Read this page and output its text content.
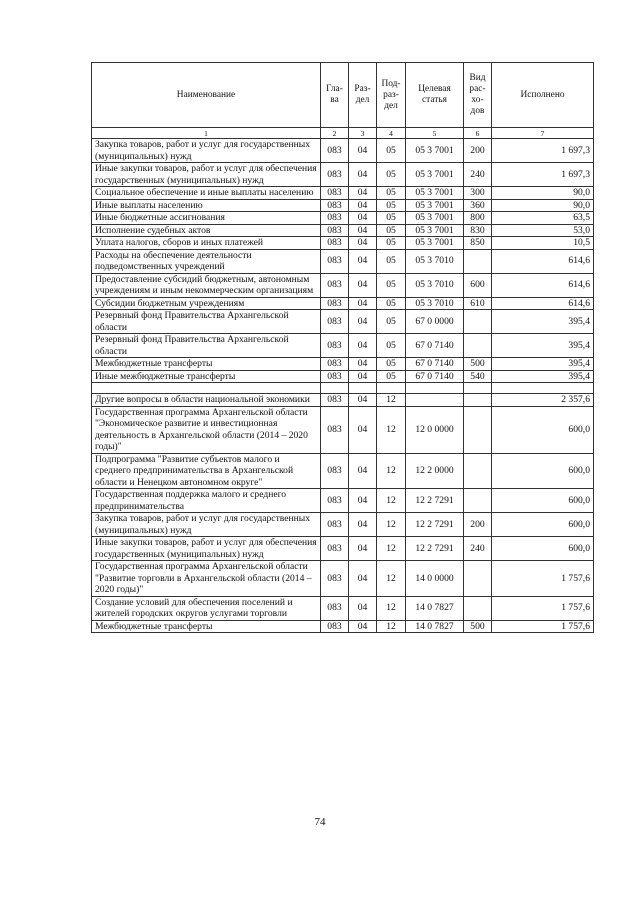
Наименование	Гла-ва	Раз-дел	Под-раз-дел	Целевая статья	Вид рас-хо-дов	Исполнено
1	2	3	4	5	6	7
Закупка товаров, работ и услуг для государственных (муниципальных) нужд	083	04	05	05 3 7001	200	1 697,3
Иные закупки товаров, работ и услуг для обеспечения государственных (муниципальных) нужд	083	04	05	05 3 7001	240	1 697,3
Социальное обеспечение и иные выплаты населению	083	04	05	05 3 7001	300	90,0
Иные выплаты населению	083	04	05	05 3 7001	360	90,0
Иные бюджетные ассигнования	083	04	05	05 3 7001	800	63,5
Исполнение судебных актов	083	04	05	05 3 7001	830	53,0
Уплата налогов, сборов и иных платежей	083	04	05	05 3 7001	850	10,5
Расходы на обеспечение деятельности подведомственных учреждений	083	04	05	05 3 7010		614,6
Предоставление субсидий бюджетным, автономным учреждениям и иным некоммерческим организациям	083	04	05	05 3 7010	600	614,6
Субсидии бюджетным учреждениям	083	04	05	05 3 7010	610	614,6
Резервный фонд Правительства Архангельской области	083	04	05	67 0 0000		395,4
Резервный фонд Правительства Архангельской области	083	04	05	67 0 7140		395,4
Межбюджетные трансферты	083	04	05	67 0 7140	500	395,4
Иные межбюджетные трансферты	083	04	05	67 0 7140	540	395,4

Другие вопросы в области национальной экономики	083	04	12			2 357,6
Государственная программа Архангельской области "Экономическое развитие и инвестиционная деятельность в Архангельской области (2014 – 2020 годы)"	083	04	12	12 0 0000		600,0
Подпрограмма "Развитие субъектов малого и среднего предпринимательства в Архангельской области и Ненецком автономном округе"	083	04	12	12 2 0000		600,0
Государственная поддержка малого и среднего предпринимательства	083	04	12	12 2 7291		600,0
Закупка товаров, работ и услуг для государственных (муниципальных) нужд	083	04	12	12 2 7291	200	600,0
Иные закупки товаров, работ и услуг для обеспечения государственных (муниципальных) нужд	083	04	12	12 2 7291	240	600,0
Государственная программа Архангельской области "Развитие торговли в Архангельской области (2014 – 2020 годы)"	083	04	12	14 0 0000		1 757,6
Создание условий для обеспечения поселений и жителей городских округов услугами торговли	083	04	12	14 0 7827		1 757,6
Межбюджетные трансферты	083	04	12	14 0 7827	500	1 757,6
74
